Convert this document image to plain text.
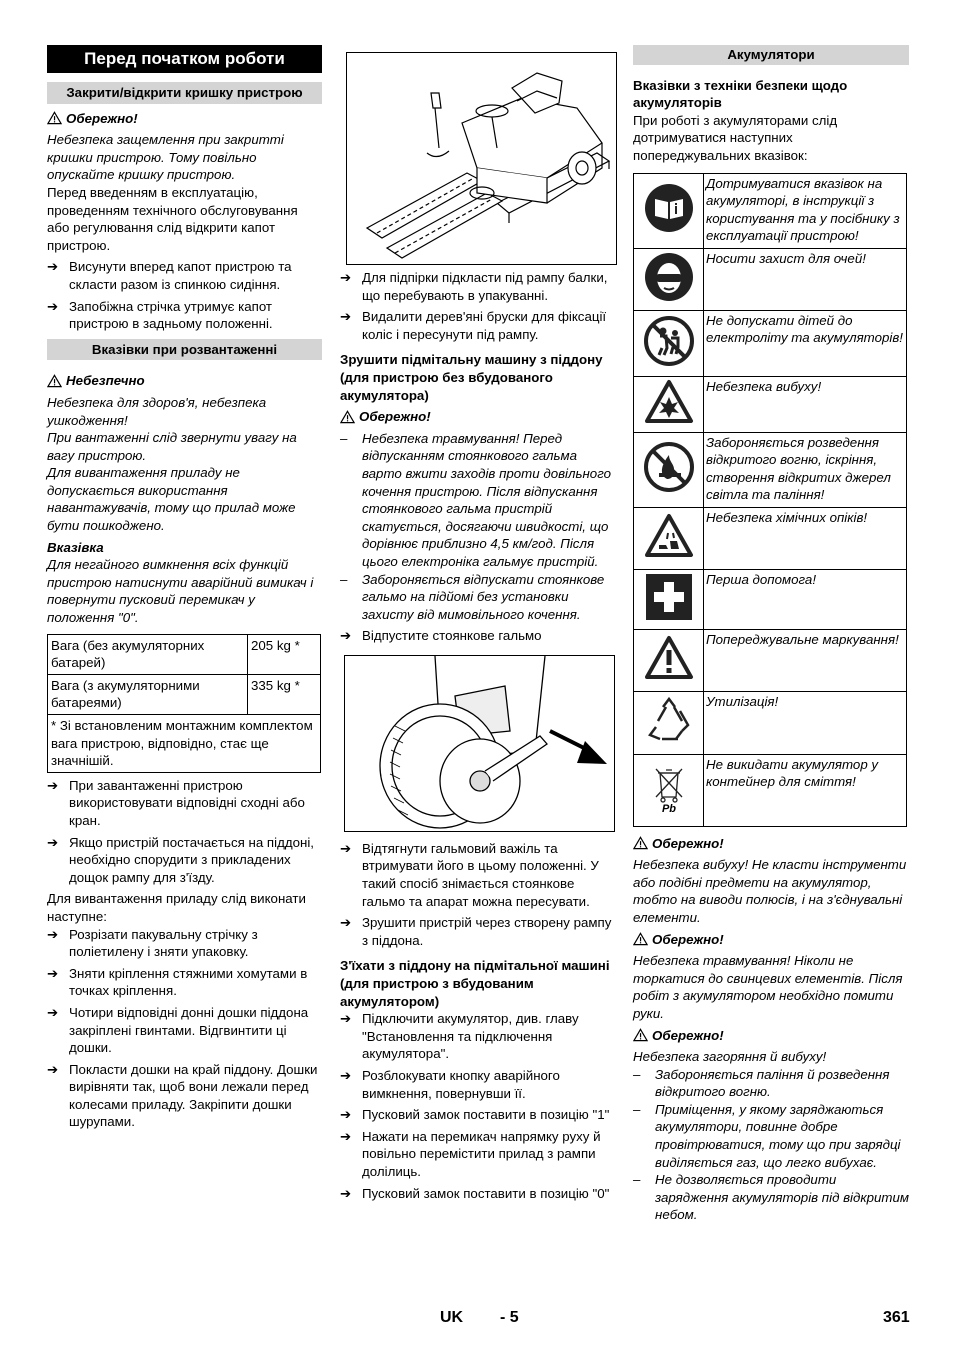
Перед початком роботи
Закрити/відкрити кришку пристрою
Обережно!
Небезпека защемлення при закритті кришки пристрою. Тому повільно опускайте кришку пристрою.
Перед введенням в експлуатацію, проведенням технічного обслуговування або регулювання слід відкрити капот пристрою.
➔ Висунути вперед капот пристрою та скласти разом із спинкою сидіння.
➔ Запобіжна стрічка утримує капот пристрою в задньому положенні.
Вказівки при розвантаженні
Небезпечно
Небезпека для здоров'я, небезпека ушкодження!
При вантаженні слід звернути увагу на вагу пристрою.
Для вивантаження приладу не допускається використання навантажувачів, тому що прилад може бути пошкоджено.
Вказівка
Для негайного вимкнення всіх функцій пристрою натиснути аварійний вимикач і повернути пусковий перемикач у положення "0".
Вага (без акумуляторних батарей)	205 kg *
Вага (з акумуляторними батареями)	335 kg *
* Зі встановленим монтажним комплектом вага пристрою, відповідно, стає ще значнішій.	
➔ При завантаженні пристрою використовувати відповідні сходні або кран.
➔ Якщо пристрій постачається на піддоні, необхідно спорудити з прикладених дощок рампу для з'їзду.
Для вивантаження приладу слід виконати наступне:
➔ Розрізати пакувальну стрічку з поліетилену і зняти упаковку.
➔ Зняти кріплення стяжними хомутами в точках кріплення.
➔ Чотири відповідні донні дошки піддона закріплені гвинтами. Відгвинтити ці дошки.
➔ Покласти дошки на край піддону. Дошки вирівняти так, щоб вони лежали перед колесами приладу. Закріпити дошки шурупами.
➔ Для підпірки підкласти під рампу балки, що перебувають в упакуванні.
➔ Видалити дерев'яні бруски для фіксації коліс і пересунути під рампу.
Зрушити підмітальну машину з піддону (для пристрою без вбудованого акумулятора)
Обережно!
–	Небезпека травмування! Перед відпусканням стоянкового гальма варто вжити заходів проти довільного кочення пристрою. Після відпускання стоянкового гальма пристрій скатується, досягаючи швидкості, що дорівнює приблизно 4,5 км/год. Після цього електроніка гальмує пристрій.
–	Забороняється відпускати стоянкове гальмо на підйомі без установки захисту від мимовільного кочення.
➔ Відпустите стоянкове гальмо
➔ Відтягнути гальмовий важіль та втримувати його в цьому положенні. У такий спосіб знімається стоянкове гальмо та апарат можна пересувати.
➔ Зрушити пристрій через створену рампу з піддона.
З'їхати з піддону на підмітальної машині (для пристрою з вбудованим акумулятором)
➔ Підключити акумулятор, див. главу "Встановлення та підключення акумулятора".
➔ Розблокувати кнопку аварійного вимкнення, повернувши її.
➔ Пусковий замок поставити в позицію "1"
➔ Нажати на перемикач напрямку руху й повільно перемістити прилад з рампи долілиць.
➔ Пусковий замок поставити в позицію "0"
Акумулятори
Вказівки з техніки безпеки щодо акумуляторів
При роботі з акумуляторами слід дотримуватися наступних попереджувальних вказівок:
	Дотримуватися вказівок на акумуляторі, в інструкції з користування та у посібнику з експлуатації пристрою!
	Носити захист для очей!
	Не допускати дітей до електроліту та акумуляторів!
	Небезпека вибуху!
	Забороняється розведення відкритого вогню, іскріння, створення відкритих джерел світла та паління!
	Небезпека хімічних опіків!
	Перша допомога!
	Попереджувальне маркування!
	Утилізація!

Pb	Не викидати акумулятор у контейнер для сміття!
Обережно!
Небезпека вибуху! Не класти інструменти або подібні предмети на акумулятор, тобто на виводи полюсів, і на з'єднувальні елементи.
Обережно!
Небезпека травмування! Ніколи не торкатися до свинцевих елементів. Після робіт з акумулятором необхідно помити руки.
Обережно!
Небезпека загоряння й вибуху!
–	Забороняється паління й розведення відкритого вогню.
–	Приміщення, у якому заряджаються акумулятори, повинне добре провітрюватися, тому що при зарядці виділяється газ, що легко вибухає.
–	Не дозволяється проводити зарядження акумуляторів під відкритим небом.
UK - 5	361
